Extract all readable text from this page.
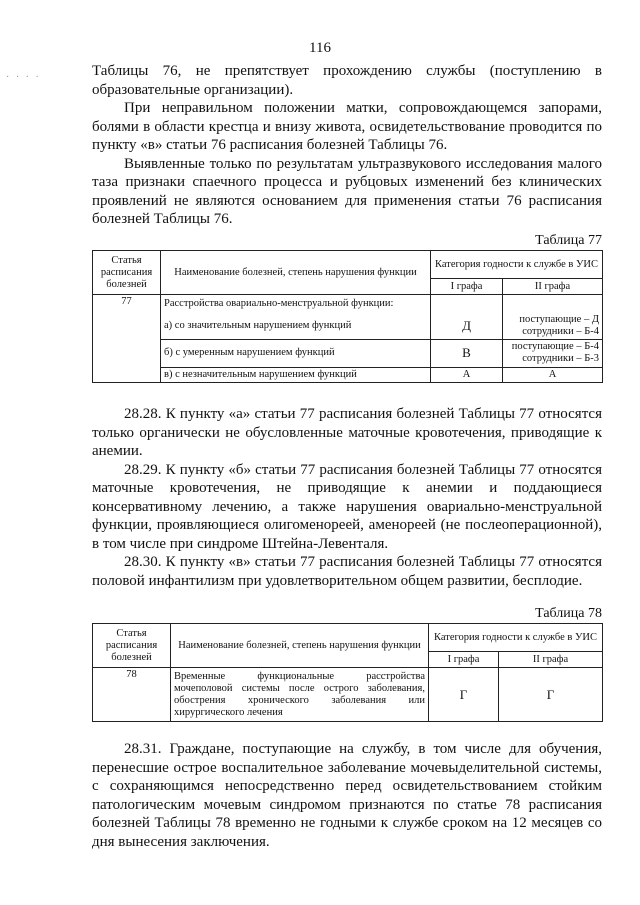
116
· · · ·	Таблицы 76, не препятствует прохождению службы (поступлению в образовательные организации).

При неправильном положении матки, сопровождающемся запорами, болями в области крестца и внизу живота, освидетельствование проводится по пункту «в» статьи 76 расписания болезней Таблицы 76.

Выявленные только по результатам ультразвукового исследования малого таза признаки спаечного процесса и рубцовых изменений без клинических проявлений не являются основанием для применения статьи 76 расписания болезней Таблицы 76.

Таблица 77
Статья расписания болезней	Наименование болезней, степень нарушения функции	Категория годности к службе в УИС	
		I графа	II графа
77	Расстройства овариально-менструальной функции:		
	а) со значительным нарушением функций	Д	поступающие – Д
сотрудники – Б-4

	б) с умеренным нарушением функций	В	поступающие – Б-4
сотрудники – Б-3

	в) с незначительным нарушением функций	А	А

28.28. К пункту «а» статьи 77 расписания болезней Таблицы 77 относятся только органически не обусловленные маточные кровотечения, приводящие к анемии.

28.29. К пункту «б» статьи 77 расписания болезней Таблицы 77 относятся маточные кровотечения, не приводящие к анемии и поддающиеся консервативному лечению, а также нарушения овариально-менструальной функции, проявляющиеся олигоменореей, аменореей (не послеоперационной), в том числе при синдроме Штейна-Левенталя.

28.30. К пункту «в» статьи 77 расписания болезней Таблицы 77 относятся половой инфантилизм при удовлетворительном общем развитии, бесплодие.

Таблица 78
Статья расписания болезней	Наименование болезней, степень нарушения функции	Категория годности к службе в УИС	
		I графа	II графа
78	Временные функциональные расстройства мочеполовой системы после острого заболевания, обострения хронического заболевания или хирургического лечения	Г	Г

28.31. Граждане, поступающие на службу, в том числе для обучения, перенесшие острое воспалительное заболевание мочевыделительной системы, с сохраняющимся непосредственно перед освидетельствованием стойким патологическим мочевым синдромом признаются по статье 78 расписания болезней Таблицы 78 временно не годными к службе сроком на 12 месяцев со дня вынесения заключения.
